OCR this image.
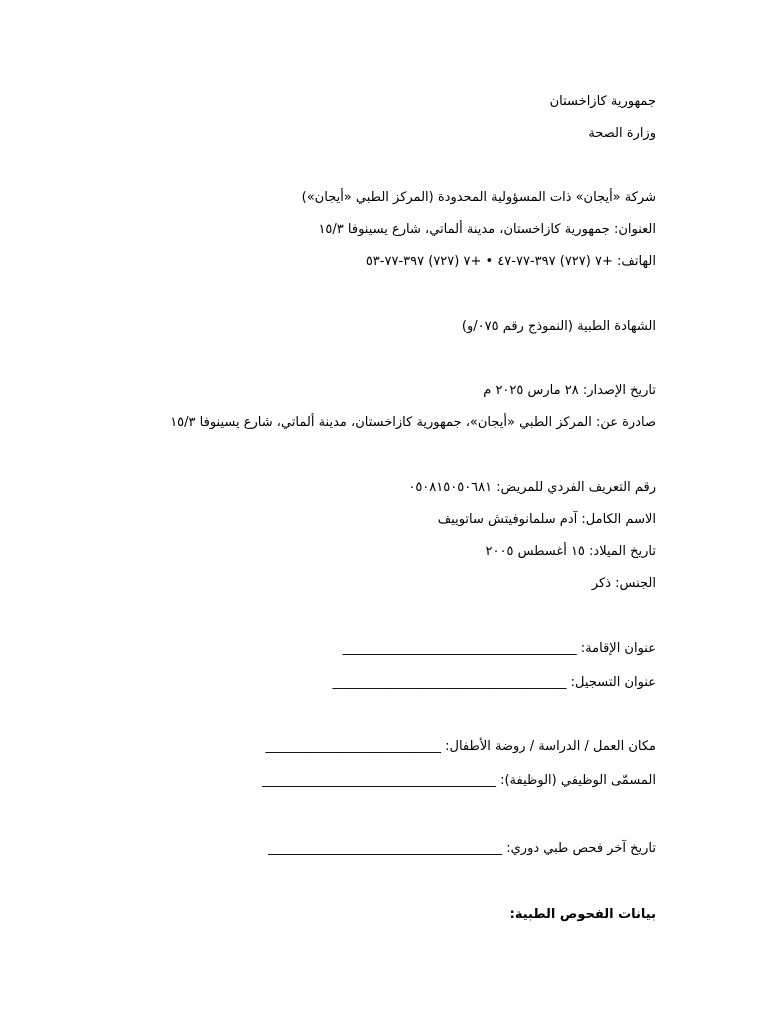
جمهورية كازاخستان
وزارة الصحة
شركة «أيجان» ذات المسؤولية المحدودة (المركز الطبي «أيجان»)
العنوان: جمهورية كازاخستان، مدينة ألماتي، شارع يسينوفا ١٥/٣
الهاتف: +٧ (٧٢٧) ٣٩٧-٧٧-٤٧ • +٧ (٧٢٧) ٣٩٧-٧٧-٥٣
الشهادة الطبية (النموذج رقم ٠٧٥/و)
تاريخ الإصدار: ٢٨ مارس ٢٠٢٥ م
صادرة عن: المركز الطبي «أيجان»، جمهورية كازاخستان، مدينة ألماتي، شارع يسينوفا ١٥/٣
رقم التعريف الفردي للمريض: ٠٥٠٨١٥٠٥٠٦٨١
الاسم الكامل: آدم سلمانوفيتش ساتوييف
تاريخ الميلاد: ١٥ أغسطس ٢٠٠٥
الجنس: ذكر
عنوان الإقامة: ____________________________________
عنوان التسجيل: ____________________________________
مكان العمل / الدراسة / روضة الأطفال: ___________________________
المسمّى الوظيفي (الوظيفة): ____________________________________
تاريخ آخر فحص طبي دوري: ____________________________________
بيانات الفحوص الطبية:
